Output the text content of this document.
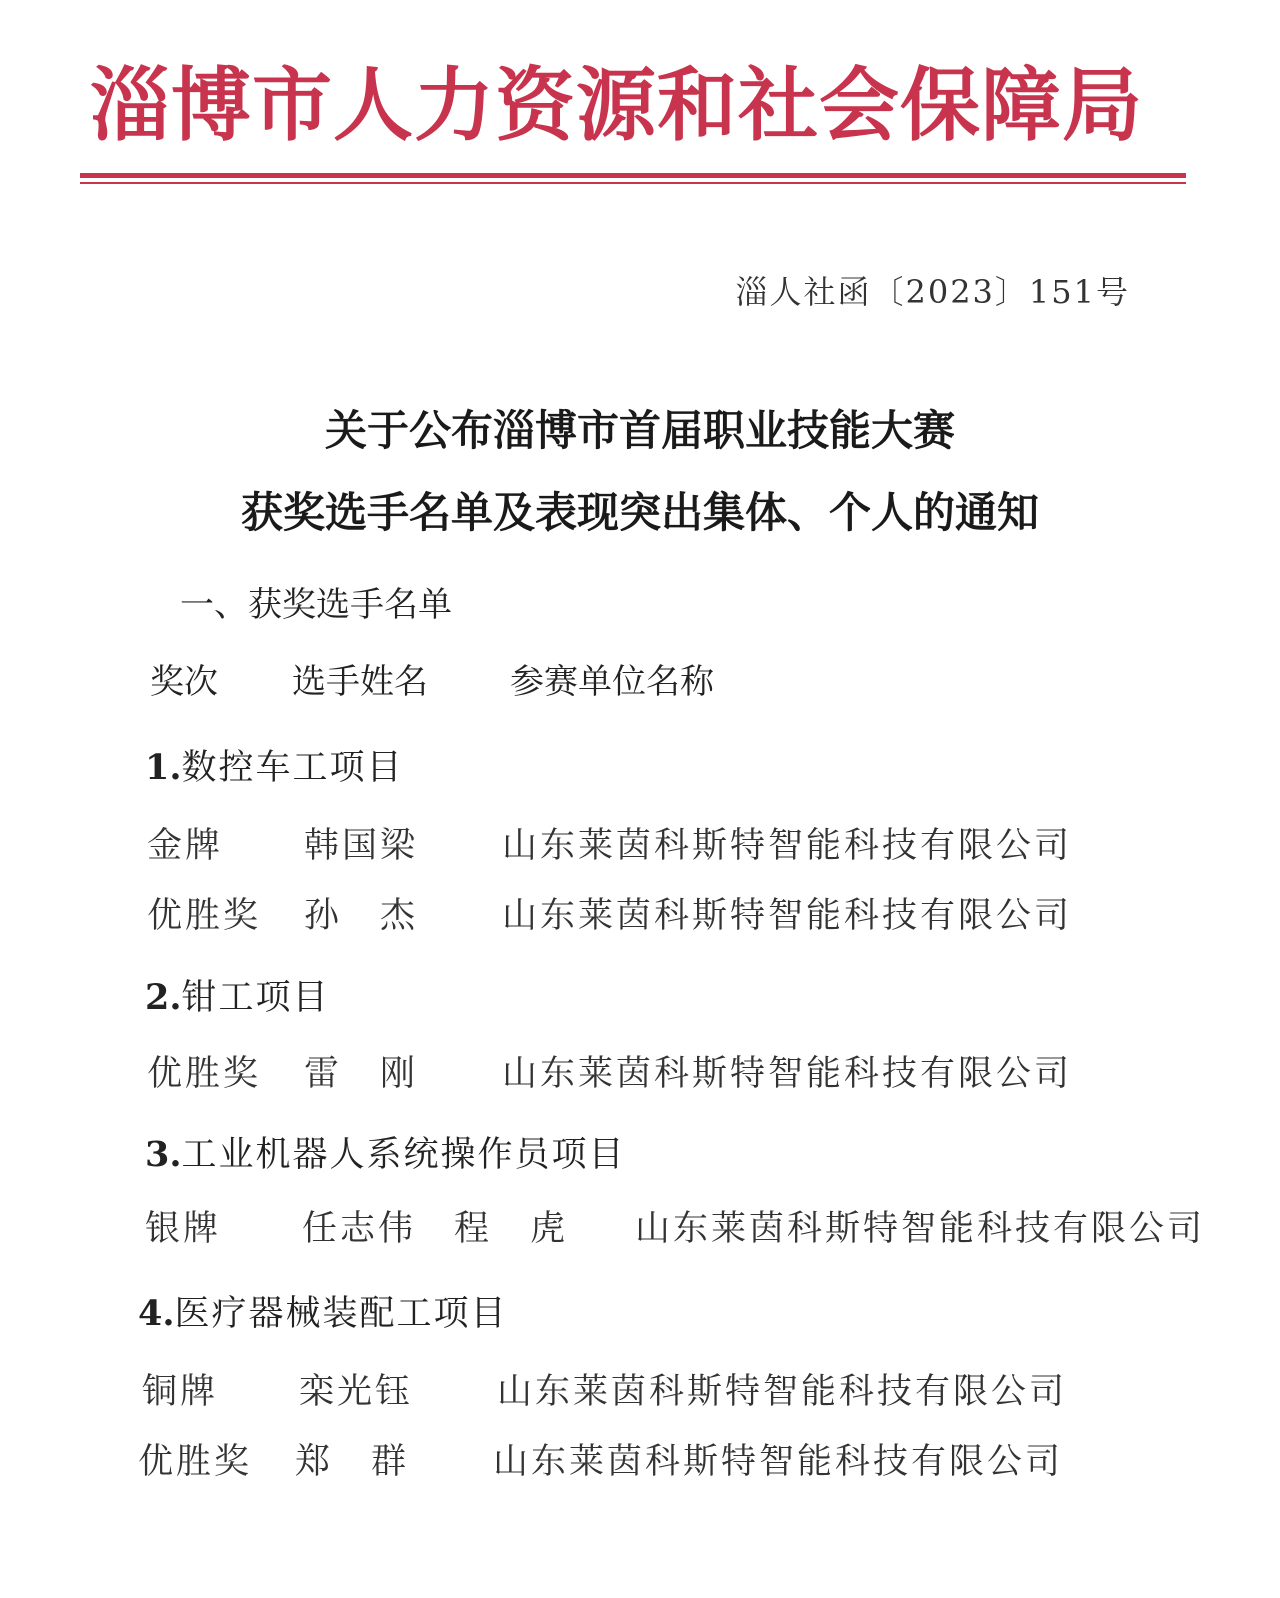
淄博市人力资源和社会保障局
淄人社函〔2023〕151号
关于公布淄博市首届职业技能大赛
获奖选手名单及表现突出集体、个人的通知
一、获奖选手名单
奖次 选手姓名 参赛单位名称
1.数控车工项目
金牌 韩国梁 山东莱茵科斯特智能科技有限公司
优胜奖 孙　杰 山东莱茵科斯特智能科技有限公司
2.钳工项目
优胜奖 雷　刚 山东莱茵科斯特智能科技有限公司
3.工业机器人系统操作员项目
银牌 任志伟　程　虎 山东莱茵科斯特智能科技有限公司
4.医疗器械装配工项目
铜牌 栾光钰 山东莱茵科斯特智能科技有限公司
优胜奖 郑　群 山东莱茵科斯特智能科技有限公司
